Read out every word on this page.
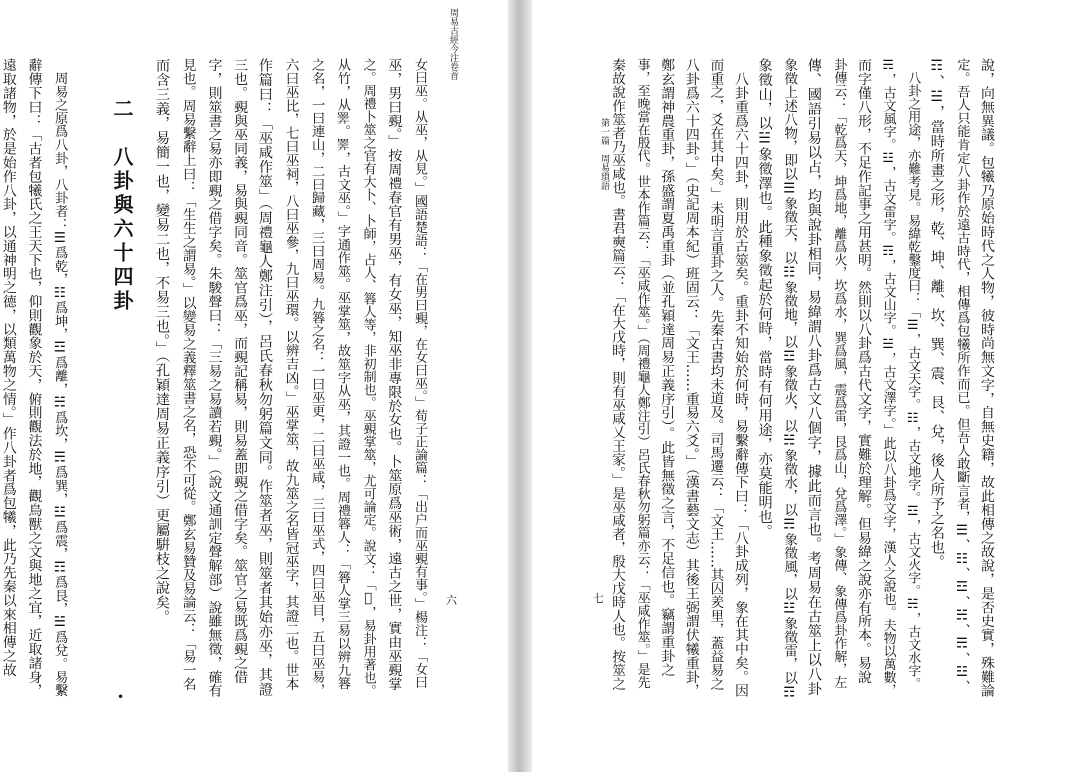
周易古經今注卷首
六
女曰巫。从巫，从見。」國語楚語：「在男曰覡，在女曰巫。」荀子正論篇：「出户而巫覡有事。」楊注：「女曰
巫，男曰覡。」按周禮春官有男巫，有女巫，知巫非專限於女也。卜筮原爲巫術，遠古之世，實由巫覡掌
之。周禮卜筮之官有大卜、卜師，占人、簭人等，非初制也。巫覡掌筮，尤可論定。說文：「𥮵，易卦用著也。
从竹，从𢍰。𢍰，古文巫。」字通作筮。巫掌筮，故筮字从巫，其證一也。周禮簭人：「簭人掌三易以辨九簭
之名，一曰連山，二曰歸藏，三曰周易。九簭之名：一曰巫更，二曰巫咸，三曰巫式，四曰巫目，五曰巫易，
六曰巫比，七曰巫祠，八曰巫參，九曰巫環。以辨吉凶。」巫掌筮，故九筮之名皆冠巫字，其證二也。世本
作篇曰：「巫咸作筮」（周禮龜人鄭注引），呂氏春秋勿躬篇文同。作筮者巫，則筮者其始亦巫，其證
三也。覡與巫同義，易與覡同音。筮官爲巫，而覡記稱易，則易蓋即覡之借字矣。筮官之易既爲覡之借
字，則筮書之易亦即覡之借字矣。朱駿聲曰：「三易之易讀若覡。」（說文通訓定聲解部）說雖無徵，確有
見也。周易繫辭上曰：「生生之謂易。」以變易之義釋筮書之名，恐不可從。鄭玄易贊及易論云：「易一名
而含三義，易簡一也，變易二也，不易三也。」（孔穎達周易正義序引）更屬騈枝之說矣。
　周易之原爲八卦，八卦者：☰爲乾，☷爲坤，☲爲離，☵爲坎，☴爲巽，☳爲震，☶爲艮，☱爲兌。易繫
辭傳下曰：「古者包犧氏之王天下也，仰則觀象於天，俯則觀法於地，觀鳥獸之文與地之宜，近取諸身，
遠取諸物，於是始作八卦，以通神明之德，以類萬物之情。」作八卦者爲包犧，此乃先秦以來相傳之故	二　八卦與六十四卦
•
第一篇　周易瑣語
七	說，向無異議。包犧乃原始時代之人物，彼時尚無文字，自無史籍，故此相傳之故說，是否史實，殊難論
定。吾人只能肯定八卦作於遠古時代，相傳爲包犧所作而已。但吾人敢斷言者，☰、☷、☲、☵、☴、☳、
☶、☱，當時所畫之形，乾、坤、離、坎、巽、震、艮、兌，後人所予之名也。
　八卦之用途，亦難考見。易緯乾鑿度曰：「☰，古文天字。☷，古文地字。☲，古文火字。☵，古文水字。
☴，古文風字。☳，古文雷字。☶，古文山字。☱，古文澤字。」此以八卦爲文字，漢人之說也。夫物以萬數，
而字僅八形，不足作記事之用甚明。然則以八卦爲古代文字，實難於理解。但易緯之說亦有所本。易說
卦傳云：「乾爲天，坤爲地，離爲火，坎爲水，巽爲風，震爲雷，艮爲山，兌爲澤。」象傳、象傳爲卦作解，左
傳、國語引易以占，均與說卦相同，易緯謂八卦爲古文八個字，據此而言也。考周易在古筮上以八卦
象徵上述八物，即以☰象徵天，以☷象徵地，以☲象徵火，以☵象徵水，以☴象徵風，以☳象徵雷，以☶
象徵山，以☱象徵澤也。此種象徵起於何時，當時有何用途，亦莫能明也。
　八卦重爲六十四卦，則用於古筮矣。重卦不知始於何時，易繫辭傳下曰：「八卦成列，象在其中矣。因
而重之，爻在其中矣。」未明言重卦之人。先秦古書均未道及。司馬遷云：「文王……其囚羑里，蓋益易之
八卦爲六十四卦。」（史記周本紀）班固云：「文王……重易六爻。」（漢書藝文志）其後王弼謂伏犧重卦，
鄭玄謂神農重卦，孫盛謂夏禹重卦（並孔穎達周易正義序引）。此皆無徵之言，不足信也。竊謂重卦之
事，至晚當在殷代。世本作篇云：「巫咸作筮。」（周禮龜人鄭注引）呂氏春秋勿躬篇亦云：「巫咸作筮。」是先
秦故說作筮者乃巫咸也。書君奭篇云：「在大戊時，則有巫咸乂王家。」是巫咸者，殷大戊時人也。按筮之
